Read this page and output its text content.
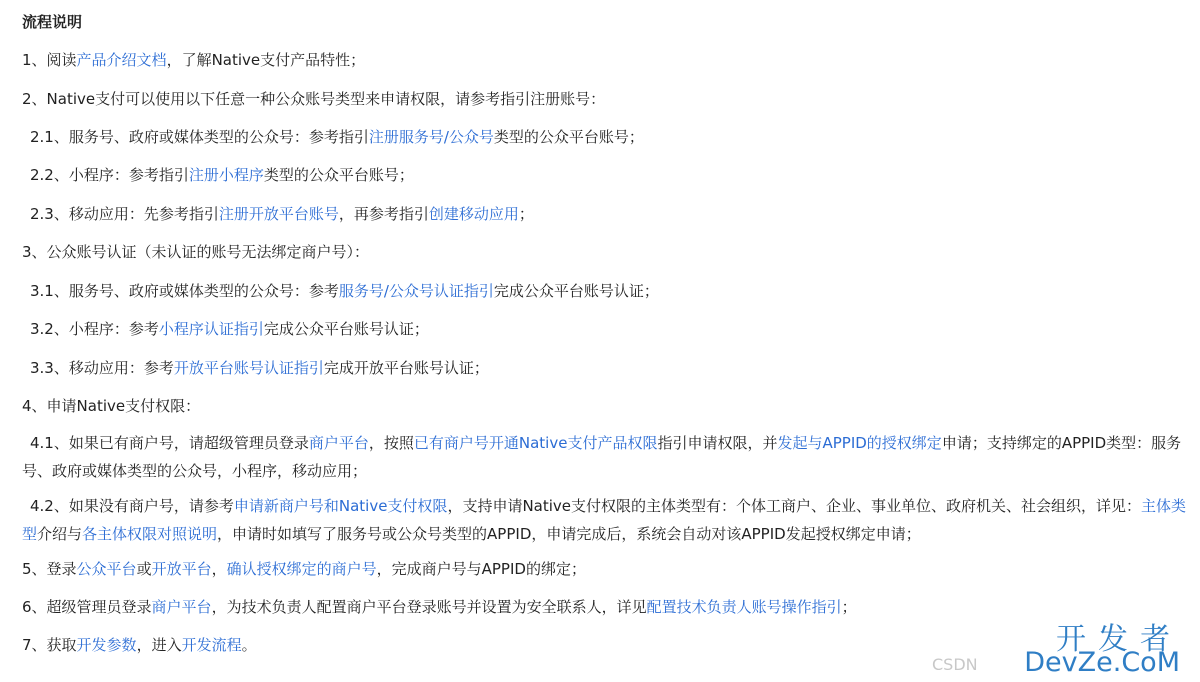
流程说明
1、阅读产品介绍文档，了解Native支付产品特性；
2、Native支付可以使用以下任意一种公众账号类型来申请权限，请参考指引注册账号：
2.1、服务号、政府或媒体类型的公众号：参考指引注册服务号/公众号类型的公众平台账号；
2.2、小程序：参考指引注册小程序类型的公众平台账号；
2.3、移动应用：先参考指引注册开放平台账号，再参考指引创建移动应用；
3、公众账号认证（未认证的账号无法绑定商户号）：
3.1、服务号、政府或媒体类型的公众号：参考服务号/公众号认证指引完成公众平台账号认证；
3.2、小程序：参考小程序认证指引完成公众平台账号认证；
3.3、移动应用：参考开放平台账号认证指引完成开放平台账号认证；
4、申请Native支付权限：
4.1、如果已有商户号，请超级管理员登录商户平台，按照已有商户号开通Native支付产品权限指引申请权限，并发起与APPID的授权绑定申请；支持绑定的APPID类型：服务号、政府或媒体类型的公众号，小程序，移动应用；
4.2、如果没有商户号，请参考申请新商户号和Native支付权限，支持申请Native支付权限的主体类型有：个体工商户、企业、事业单位、政府机关、社会组织，详见：主体类型介绍与各主体权限对照说明，申请时如填写了服务号或公众号类型的APPID，申请完成后，系统会自动对该APPID发起授权绑定申请；
5、登录公众平台或开放平台，确认授权绑定的商户号，完成商户号与APPID的绑定；
6、超级管理员登录商户平台，为技术负责人配置商户平台登录账号并设置为安全联系人，详见配置技术负责人账号操作指引；
7、获取开发参数，进入开发流程。	开发者
CSDN DevZe.CoM
